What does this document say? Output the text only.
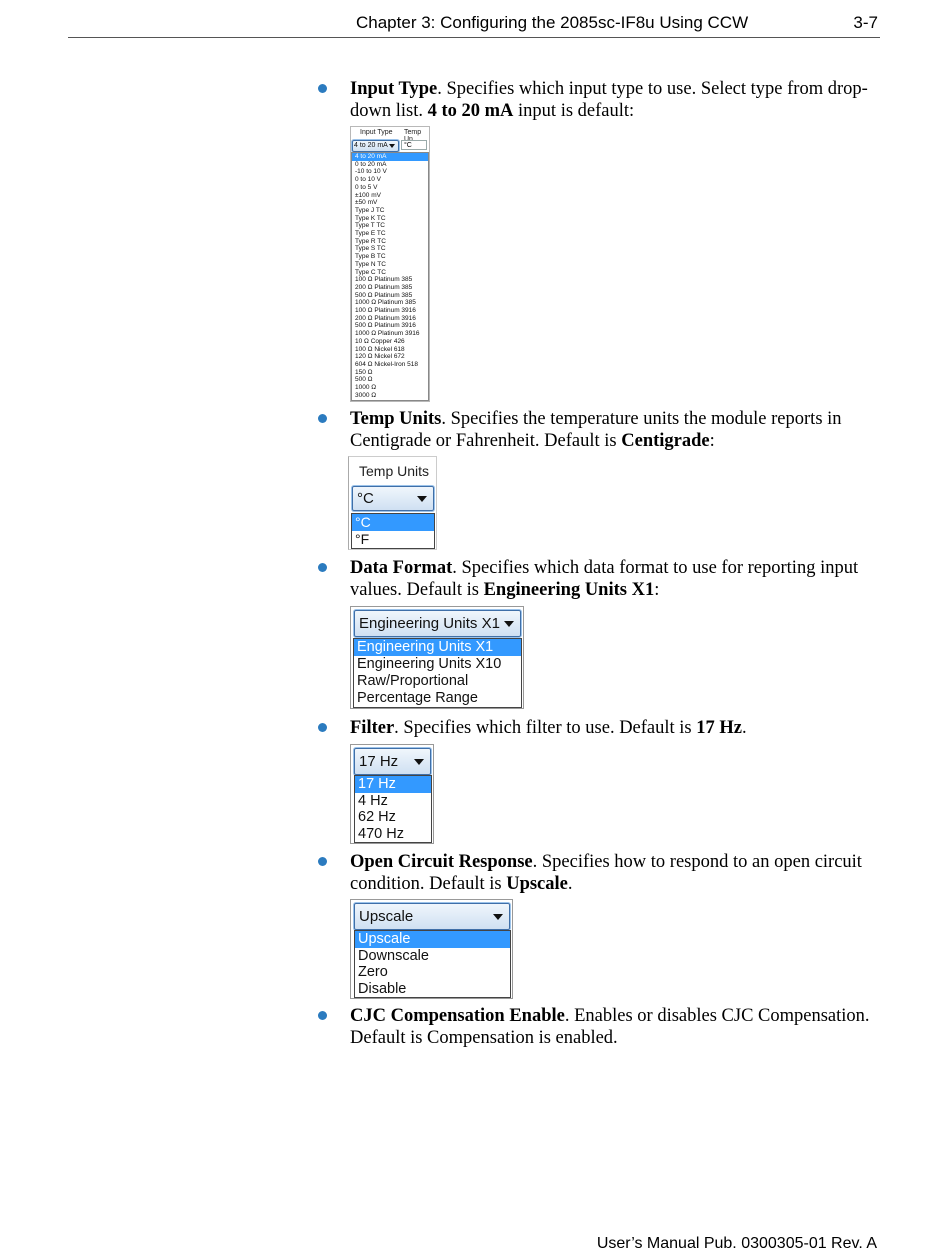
Chapter 3: Configuring the 2085sc-IF8u Using CCW	3-7
Input Type. Specifies which input type to use. Select type from drop-down list. 4 to 20 mA input is default:
Input Type Temp
4 to 20 mA	°C
4 to 20 mA
0 to 20 mA
-10 to 10 V
0 to 10 V
0 to 5 V
±100 mV
±50 mV
Type J TC
Type K TC
Type T TC
Type E TC
Type R TC
Type S TC
Type B TC
Type N TC
Type C TC
100 Ω Platinum 385
200 Ω Platinum 385
500 Ω Platinum 385
1000 Ω Platinum 385
100 Ω Platinum 3916
200 Ω Platinum 3916
500 Ω Platinum 3916
1000 Ω Platinum 3916
10 Ω Copper 426
100 Ω Nickel 618
120 Ω Nickel 672
604 Ω Nickel-Iron 518
150 Ω
500 Ω
1000 Ω
3000 Ω
Temp Units. Specifies the temperature units the module reports in Centigrade or Fahrenheit. Default is Centigrade:
Temp Units
°C
°C
°F
Data Format. Specifies which data format to use for reporting input values. Default is Engineering Units X1:
Engineering Units X1
Engineering Units X1
Engineering Units X10
Raw/Proportional
Percentage Range
Filter. Specifies which filter to use. Default is 17 Hz.
17 Hz
17 Hz
4 Hz
62 Hz
470 Hz
Open Circuit Response. Specifies how to respond to an open circuit condition. Default is Upscale.
Upscale
Upscale
Downscale
Zero
Disable
CJC Compensation Enable. Enables or disables CJC Compensation. Default is Compensation is enabled.
User’s Manual Pub. 0300305-01 Rev. A
